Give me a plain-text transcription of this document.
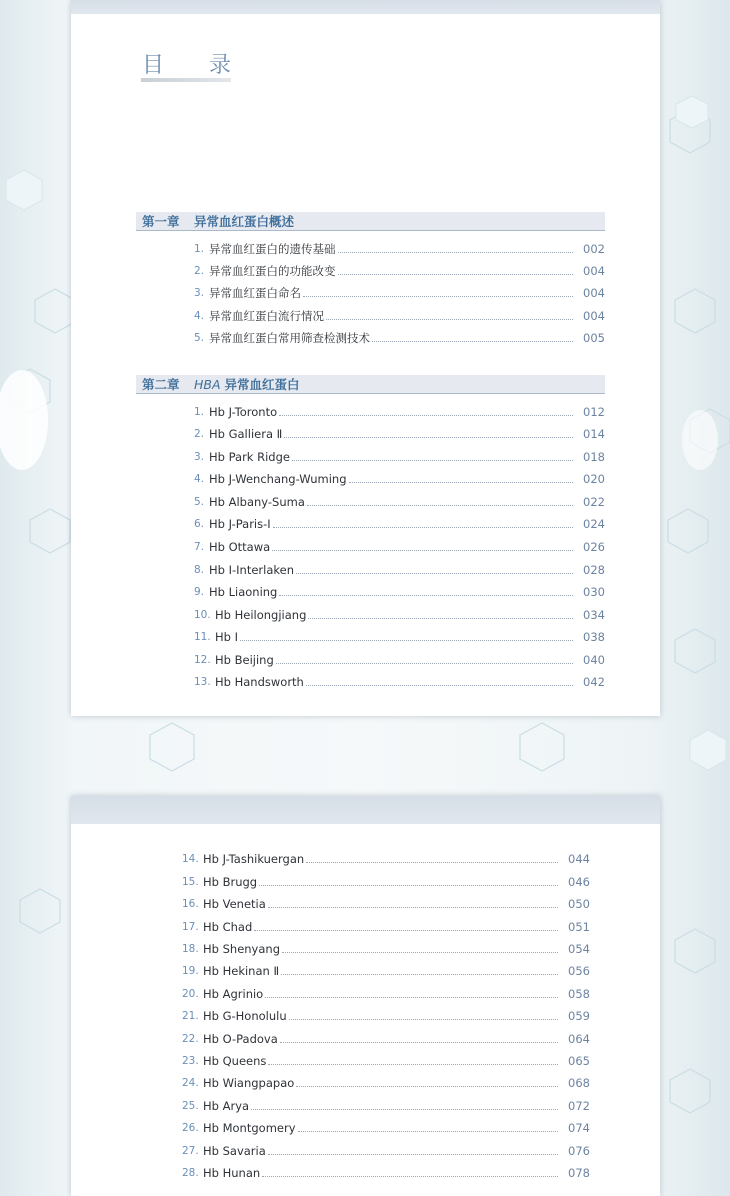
目 录
第一章 异常血红蛋白概述
1. 异常血红蛋白的遗传基础	002
2. 异常血红蛋白的功能改变	004
3. 异常血红蛋白命名	004
4. 异常血红蛋白流行情况	004
5. 异常血红蛋白常用筛查检测技术	005
第二章 HBA 异常血红蛋白
1. Hb J-Toronto	012
2. Hb Galliera Ⅱ	014
3. Hb Park Ridge	018
4. Hb J-Wenchang-Wuming	020
5. Hb Albany-Suma	022
6. Hb J-Paris-Ⅰ	024
7. Hb Ottawa	026
8. Hb I-Interlaken	028
9. Hb Liaoning	030
10. Hb Heilongjiang	034
11. Hb I	038
12. Hb Beijing	040
13. Hb Handsworth	042
14. Hb J-Tashikuergan	044
15. Hb Brugg	046
16. Hb Venetia	050
17. Hb Chad	051
18. Hb Shenyang	054
19. Hb Hekinan Ⅱ	056
20. Hb Agrinio	058
21. Hb G-Honolulu	059
22. Hb O-Padova	064
23. Hb Queens	065
24. Hb Wiangpapao	068
25. Hb Arya	072
26. Hb Montgomery	074
27. Hb Savaria	076
28. Hb Hunan	078
